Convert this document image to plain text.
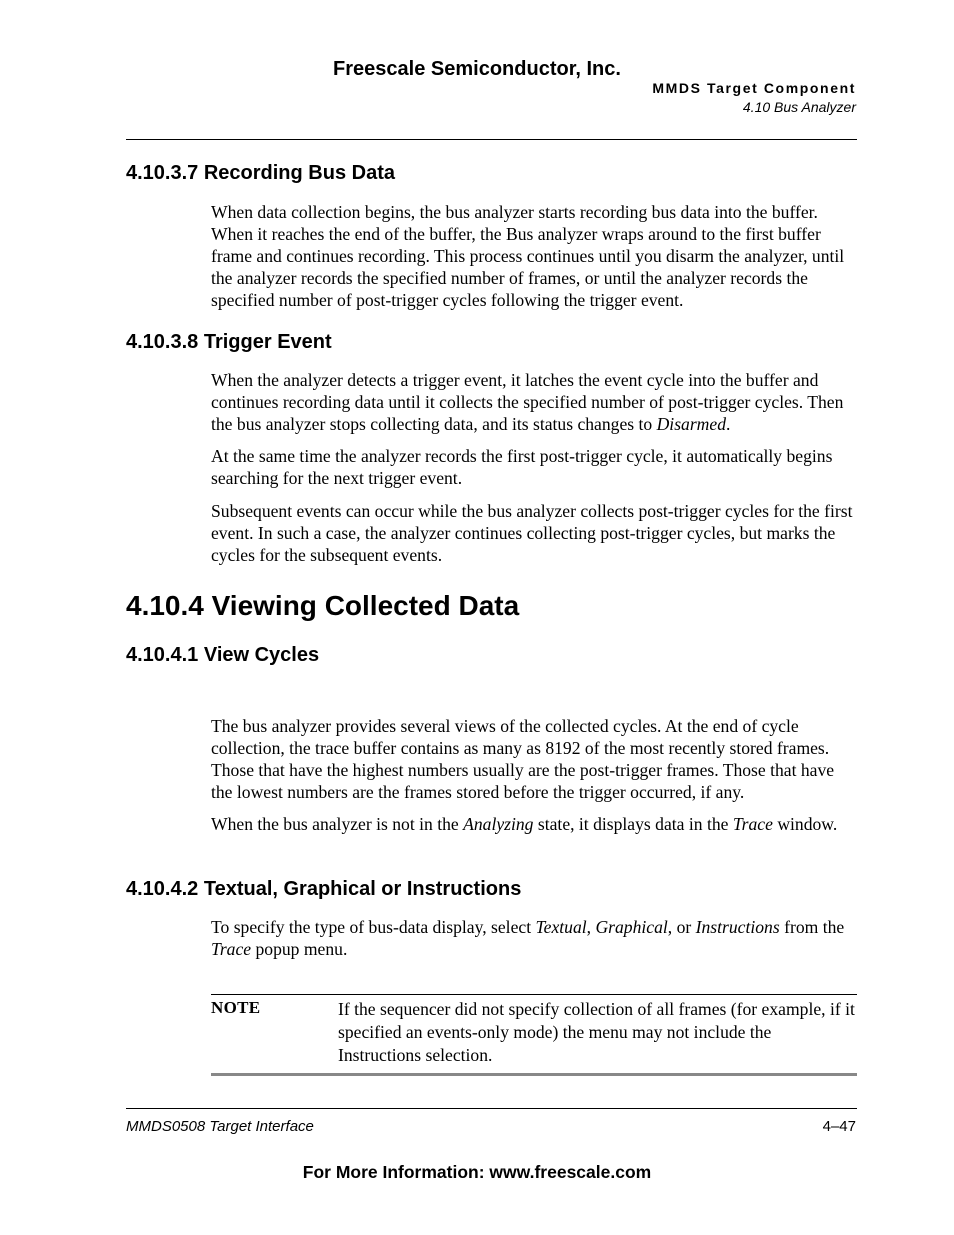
Freescale Semiconductor, Inc.
MMDS Target Component
4.10 Bus Analyzer
4.10.3.7 Recording Bus Data
When data collection begins, the bus analyzer starts recording bus data into the buffer. When it reaches the end of the buffer, the Bus analyzer wraps around to the first buffer frame and continues recording. This process continues until you disarm the analyzer, until the analyzer records the specified number of frames, or until the analyzer records the specified number of post-trigger cycles following the trigger event.
4.10.3.8 Trigger Event
When the analyzer detects a trigger event, it latches the event cycle into the buffer and continues recording data until it collects the specified number of post-trigger cycles. Then the bus analyzer stops collecting data, and its status changes to Disarmed.
At the same time the analyzer records the first post-trigger cycle, it automatically begins searching for the next trigger event.
Subsequent events can occur while the bus analyzer collects post-trigger cycles for the first event. In such a case, the analyzer continues collecting post-trigger cycles, but marks the cycles for the subsequent events.
4.10.4 Viewing Collected Data
4.10.4.1 View Cycles
The bus analyzer provides several views of the collected cycles. At the end of cycle collection, the trace buffer contains as many as 8192 of the most recently stored frames. Those that have the highest numbers usually are the post-trigger frames. Those that have the lowest numbers are the frames stored before the trigger occurred, if any.
When the bus analyzer is not in the Analyzing state, it displays data in the Trace window.
4.10.4.2 Textual, Graphical or Instructions
To specify the type of bus-data display, select Textual, Graphical, or Instructions from the Trace popup menu.
NOTE	If the sequencer did not specify collection of all frames (for example, if it specified an events-only mode) the menu may not include the Instructions selection.
MMDS0508 Target Interface	4–47
For More Information: www.freescale.com
